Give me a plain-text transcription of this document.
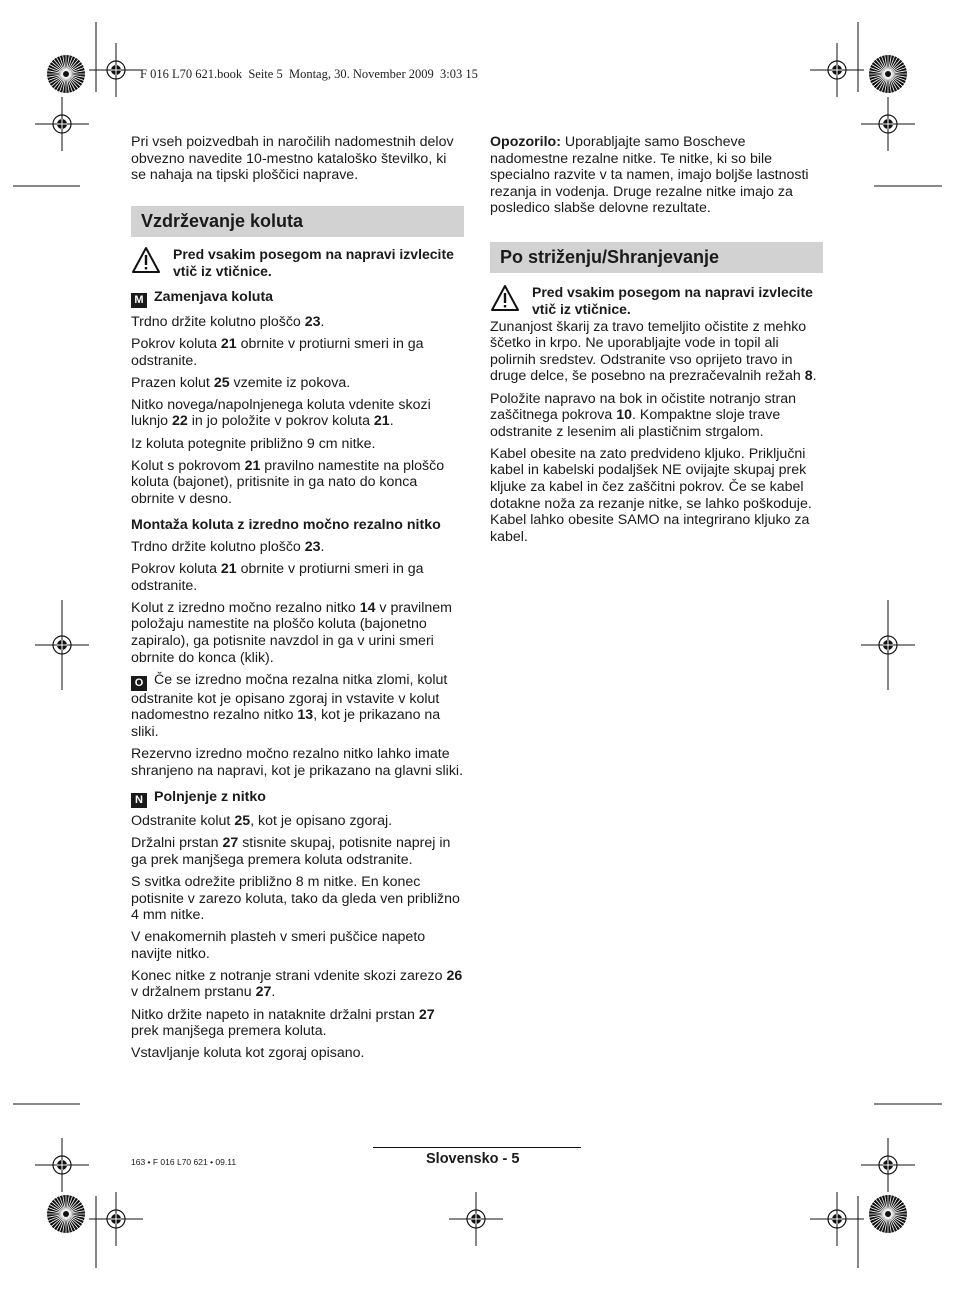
F 016 L70 621.book  Seite 5  Montag, 30. November 2009  3:03 15

Pri vseh poizvedbah in naročilih nadomestnih delov obvezno navedite 10-mestno kataloško številko, ki se nahaja na tipski ploščici naprave.

Vzdrževanje koluta
Pred vsakim posegom na napravi izvlecite vtič iz vtičnice.
M Zamenjava koluta

Trdno držite kolutno ploščo 23.

Pokrov koluta 21 obrnite v protiurni smeri in ga odstranite.

Prazen kolut 25 vzemite iz pokova.

Nitko novega/napolnjenega koluta vdenite skozi luknjo 22 in jo položite v pokrov koluta 21.

Iz koluta potegnite približno 9 cm nitke.

Kolut s pokrovom 21 pravilno namestite na ploščo koluta (bajonet), pritisnite in ga nato do konca obrnite v desno.

Montaža koluta z izredno močno rezalno nitko

Trdno držite kolutno ploščo 23.

Pokrov koluta 21 obrnite v protiurni smeri in ga odstranite.

Kolut z izredno močno rezalno nitko 14 v pravilnem položaju namestite na ploščo koluta (bajonetno zapiralo), ga potisnite navzdol in ga v urini smeri obrnite do konca (klik).

O Če se izredno močna rezalna nitka zlomi, kolut odstranite kot je opisano zgoraj in vstavite v kolut nadomestno rezalno nitko 13, kot je prikazano na sliki.

Rezervno izredno močno rezalno nitko lahko imate shranjeno na napravi, kot je prikazano na glavni sliki.

N Polnjenje z nitko

Odstranite kolut 25, kot je opisano zgoraj.

Držalni prstan 27 stisnite skupaj, potisnite naprej in ga prek manjšega premera koluta odstranite.

S svitka odrežite približno 8 m nitke. En konec potisnite v zarezo koluta, tako da gleda ven približno 4 mm nitke.

V enakomernih plasteh v smeri puščice napeto navijte nitko.

Konec nitke z notranje strani vdenite skozi zarezo 26 v držalnem prstanu 27.

Nitko držite napeto in nataknite držalni prstan 27 prek manjšega premera koluta.

Vstavljanje koluta kot zgoraj opisano.

Opozorilo: Uporabljajte samo Boscheve nadomestne rezalne nitke. Te nitke, ki so bile specialno razvite v ta namen, imajo boljše lastnosti rezanja in vodenja. Druge rezalne nitke imajo za posledico slabše delovne rezultate.

Po striženju/Shranjevanje
Pred vsakim posegom na napravi izvlecite vtič iz vtičnice.

Zunanjost škarij za travo temeljito očistite z mehko ščetko in krpo. Ne uporabljajte vode in topil ali polirnih sredstev. Odstranite vso oprijeto travo in druge delce, še posebno na prezračevalnih režah 8.

Položite napravo na bok in očistite notranjo stran zaščitnega pokrova 10. Kompaktne sloje trave odstranite z lesenim ali plastičnim strgalom.

Kabel obesite na zato predvideno kljuko. Priključni kabel in kabelski podaljšek NE ovijajte skupaj prek kljuke za kabel in čez zaščitni pokrov. Če se kabel dotakne noža za rezanje nitke, se lahko poškoduje. Kabel lahko obesite SAMO na integrirano kljuko za kabel.

163 • F 016 L70 621 • 09.11	Slovensko - 5
